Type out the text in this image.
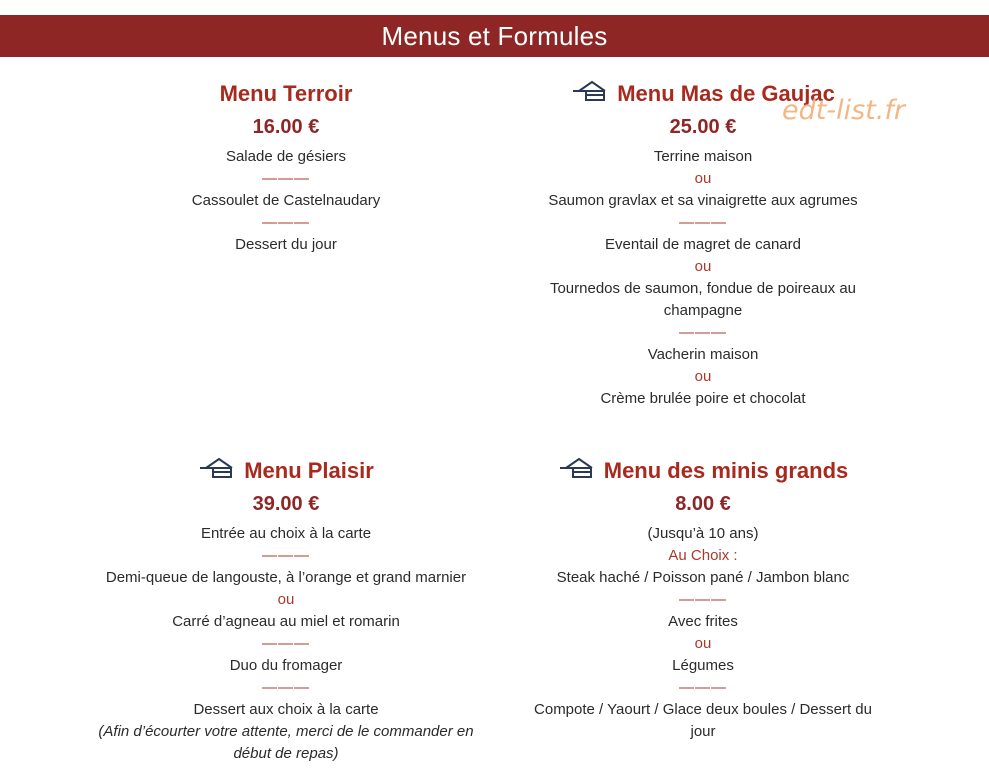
Menus et Formules
Menu Terroir
16.00 €
Salade de gésiers
———
Cassoulet de Castelnaudary
———
Dessert du jour
Menu Mas de Gaujac
25.00 €
Terrine maison
ou
Saumon gravlax et sa vinaigrette aux agrumes
———
Eventail de magret de canard
ou
Tournedos de saumon, fondue de poireaux au
champagne
———
Vacherin maison
ou
Crème brulée poire et chocolat
Menu Plaisir
39.00 €
Entrée au choix à la carte
———
Demi-queue de langouste, à l’orange et grand marnier
ou
Carré d’agneau au miel et romarin
———
Duo du fromager
———
Dessert aux choix à la carte
(Afin d’écourter votre attente, merci de le commander en
début de repas)
Menu des minis grands
8.00 €
(Jusqu’à 10 ans)
Au Choix :
Steak haché / Poisson pané / Jambon blanc
———
Avec frites
ou
Légumes
———
Compote / Yaourt / Glace deux boules / Dessert du
jour
edt-list.fr
